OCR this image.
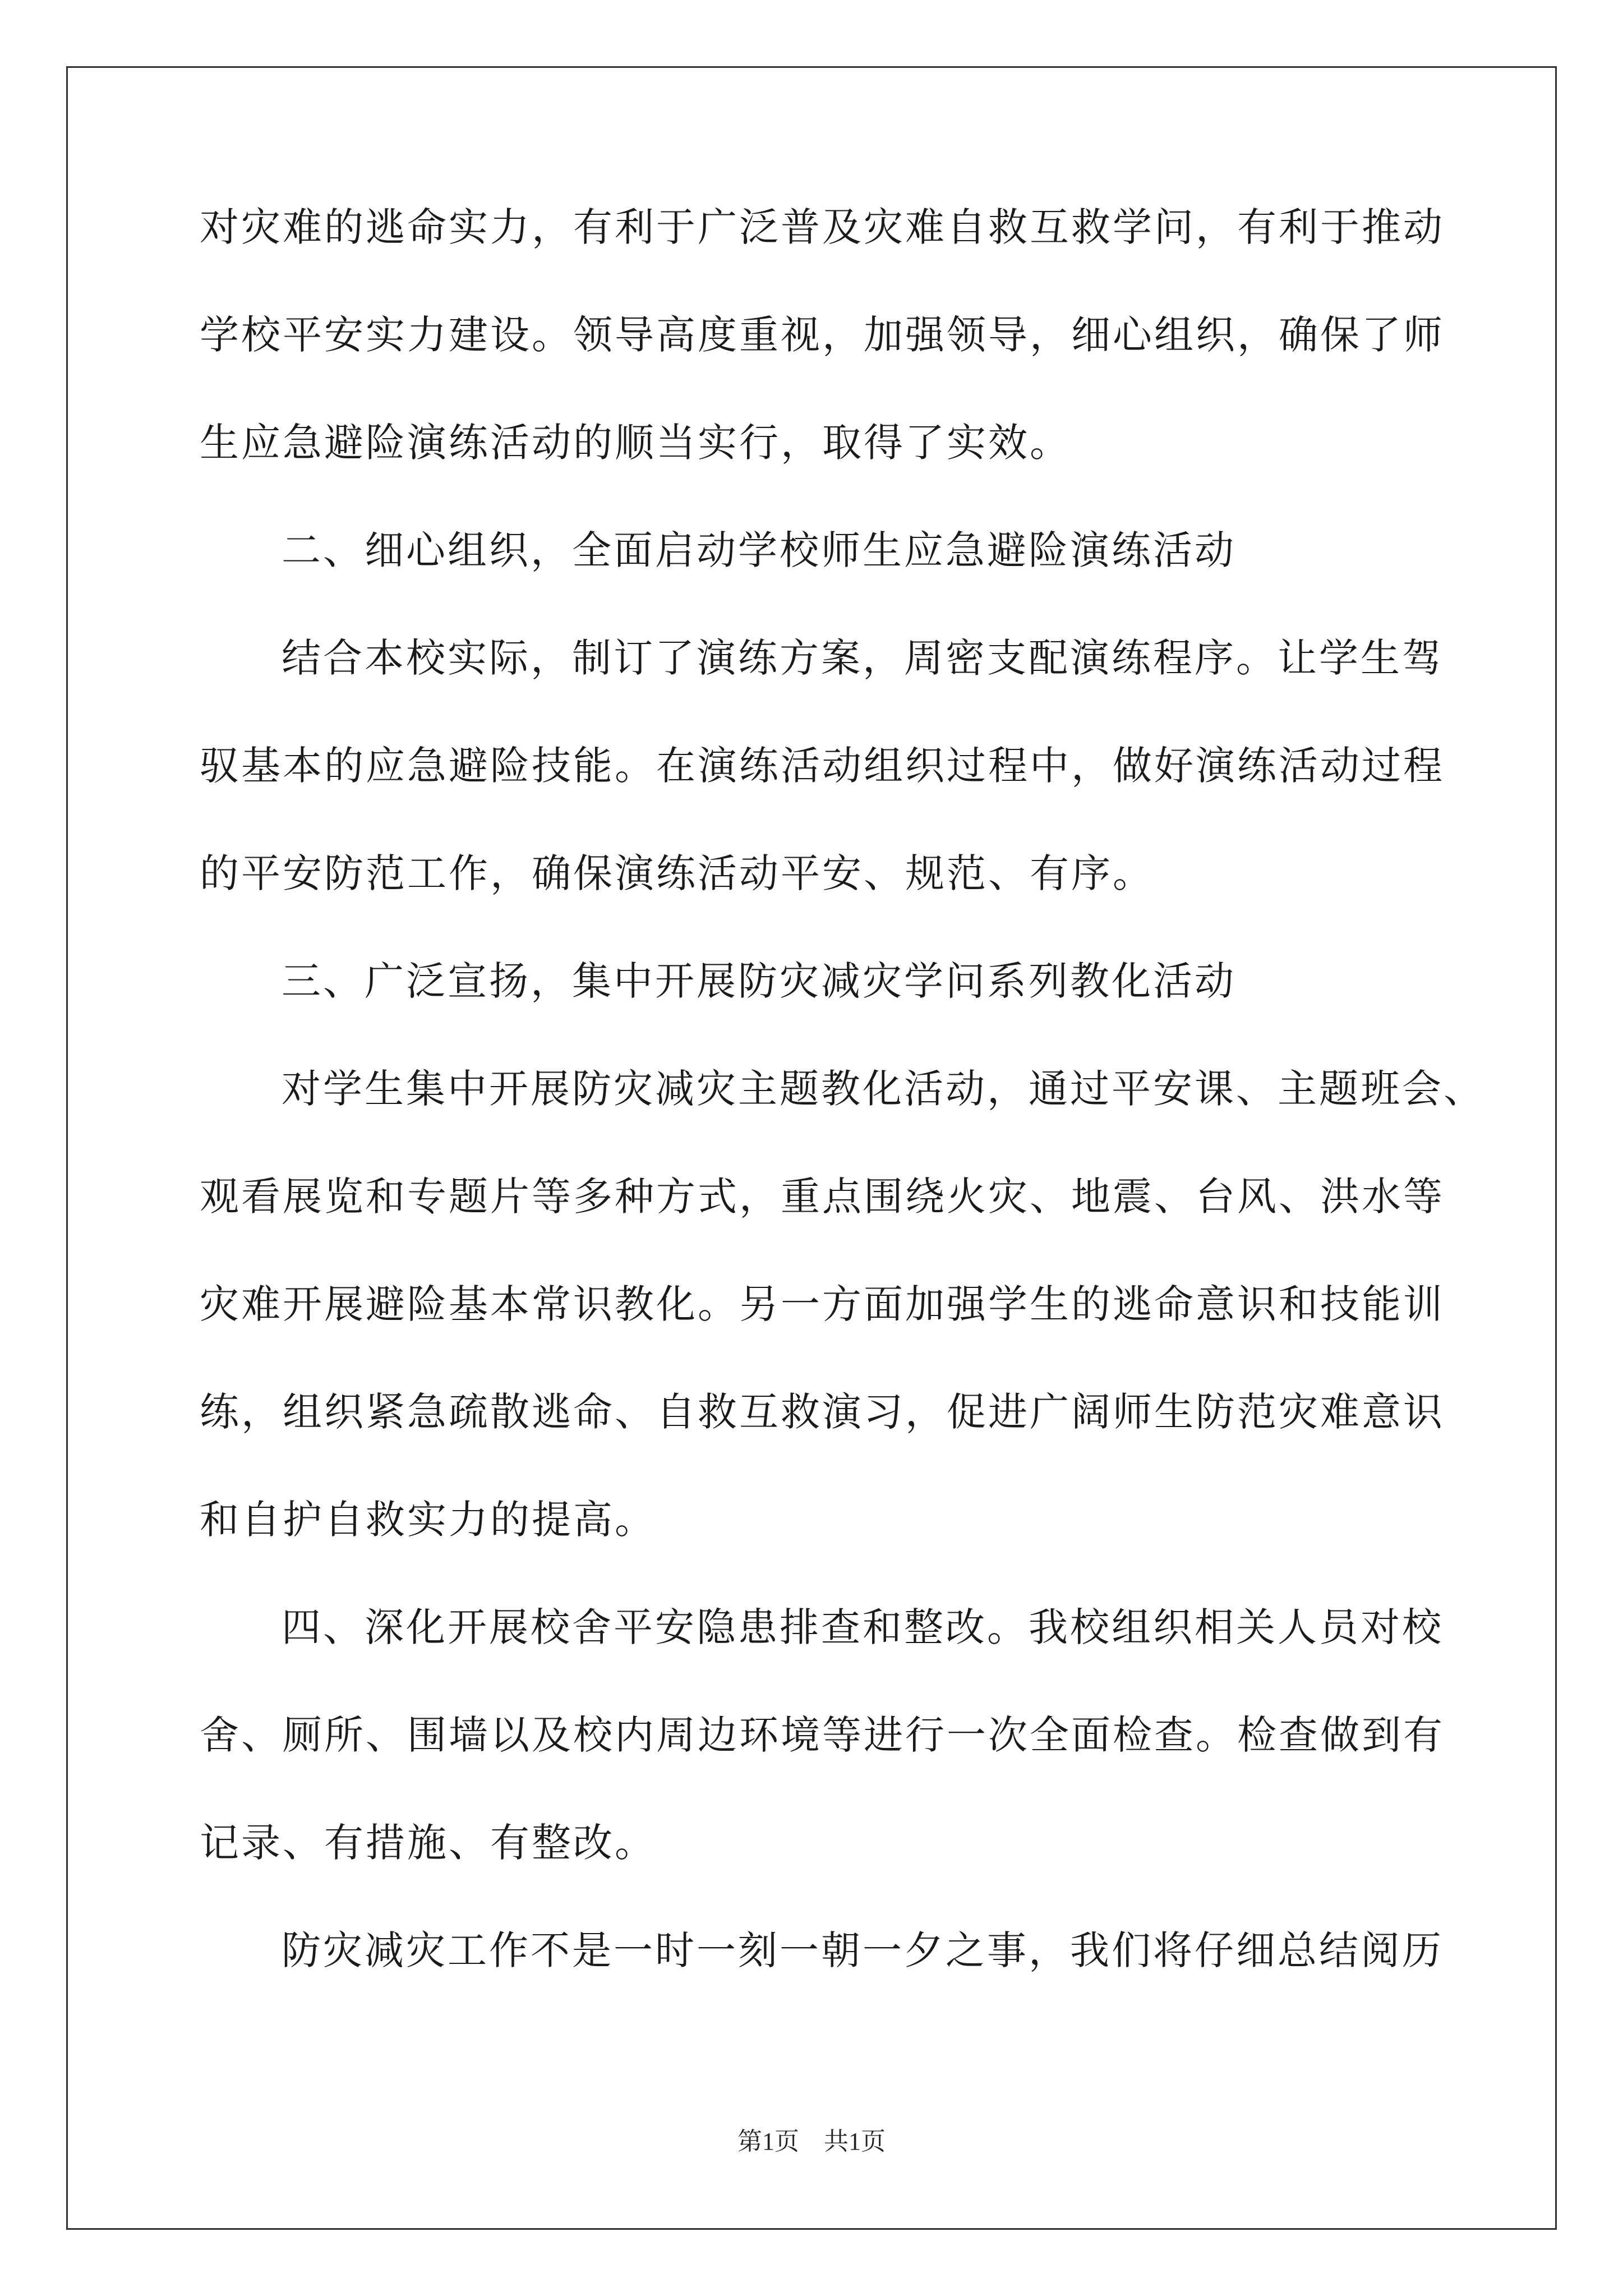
对灾难的逃命实力，有利于广泛普及灾难自救互救学问，有利于推动
学校平安实力建设。领导高度重视，加强领导，细心组织，确保了师
生应急避险演练活动的顺当实行，取得了实效。
二、细心组织，全面启动学校师生应急避险演练活动
结合本校实际，制订了演练方案，周密支配演练程序。让学生驾
驭基本的应急避险技能。在演练活动组织过程中，做好演练活动过程
的平安防范工作，确保演练活动平安、规范、有序。
三、广泛宣扬，集中开展防灾减灾学问系列教化活动
对学生集中开展防灾减灾主题教化活动，通过平安课、主题班会、
观看展览和专题片等多种方式，重点围绕火灾、地震、台风、洪水等
灾难开展避险基本常识教化。另一方面加强学生的逃命意识和技能训
练，组织紧急疏散逃命、自救互救演习，促进广阔师生防范灾难意识
和自护自救实力的提高。
四、深化开展校舍平安隐患排查和整改。我校组织相关人员对校
舍、厕所、围墙以及校内周边环境等进行一次全面检查。检查做到有
记录、有措施、有整改。
防灾减灾工作不是一时一刻一朝一夕之事，我们将仔细总结阅历
第1页 共1页
